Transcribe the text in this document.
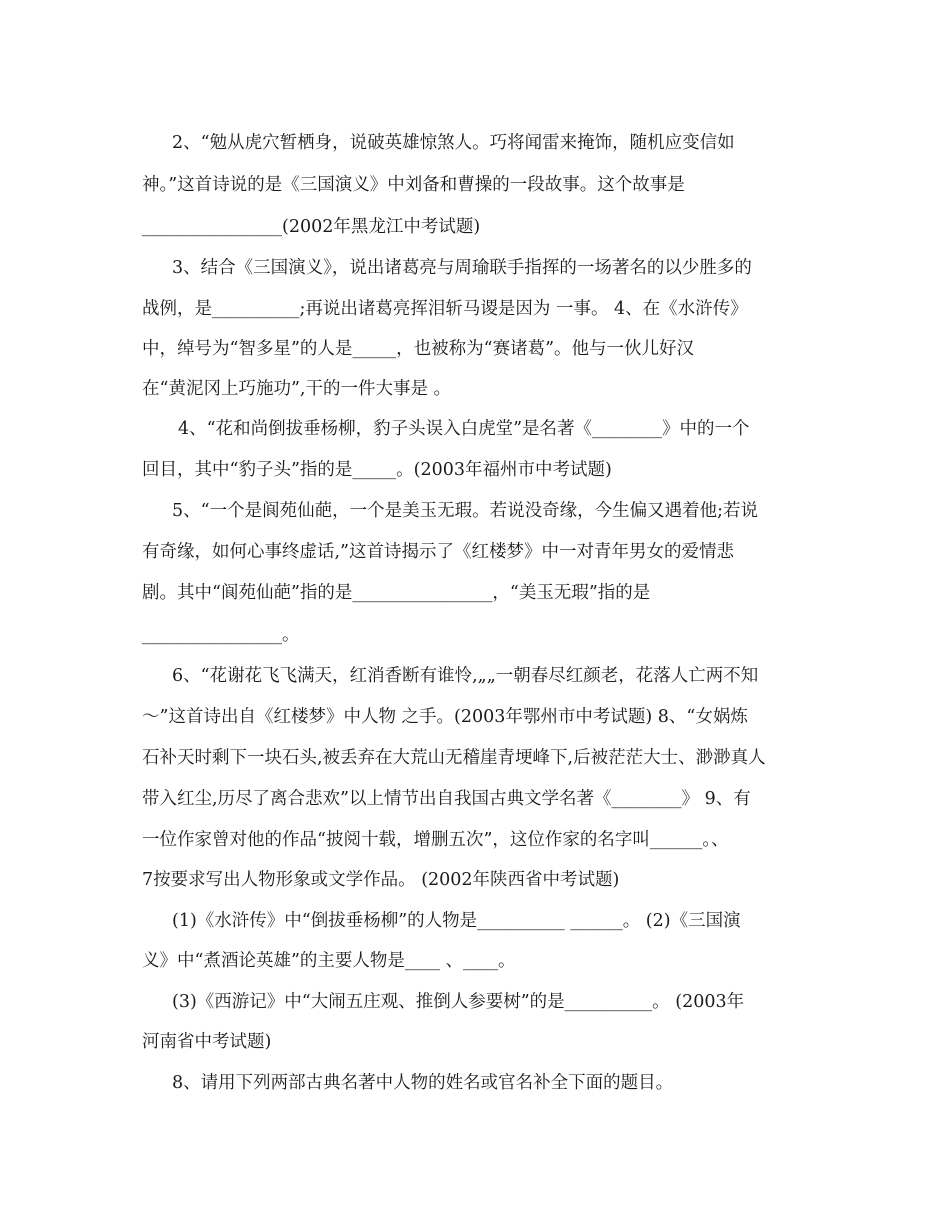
2、“勉从虎穴暂栖身，说破英雄惊煞人。巧将闻雷来掩饰，随机应变信如
神。”这首诗说的是《三国演义》中刘备和曹操的一段故事。这个故事是
________________(2002年黑龙江中考试题)
3、结合《三国演义》，说出诸葛亮与周瑜联手指挥的一场著名的以少胜多的
战例，是__________;再说出诸葛亮挥泪斩马谡是因为 一事。 4、在《水浒传》
中，绰号为“智多星”的人是_____，也被称为“赛诸葛”。他与一伙儿好汉
在“黄泥冈上巧施功”,干的一件大事是 。
4、“花和尚倒拔垂杨柳，豹子头误入白虎堂”是名著《________》中的一个
回目，其中“豹子头”指的是_____。(2003年福州市中考试题)
5、“一个是阆苑仙葩，一个是美玉无瑕。若说没奇缘，今生偏又遇着他;若说
有奇缘，如何心事终虚话,”这首诗揭示了《红楼梦》中一对青年男女的爱情悲
剧。其中“阆苑仙葩”指的是________________，“美玉无瑕”指的是
________________。
6、“花谢花飞飞满天，红消香断有谁怜,„„一朝春尽红颜老，花落人亡两不知
～”这首诗出自《红楼梦》中人物 之手。(2003年鄂州市中考试题) 8、“女娲炼
石补天时剩下一块石头,被丢弃在大荒山无稽崖青埂峰下,后被茫茫大士、渺渺真人
带入红尘,历尽了离合悲欢”以上情节出自我国古典文学名著《________》 9、有
一位作家曾对他的作品“披阅十载，增删五次”，这位作家的名字叫______。、
7按要求写出人物形象或文学作品。 (2002年陕西省中考试题)
(1)《水浒传》中“倒拔垂杨柳”的人物是__________ ______。 (2)《三国演
义》中“煮酒论英雄”的主要人物是____ 、____。
(3)《西游记》中“大闹五庄观、推倒人参要树”的是__________。 (2003年
河南省中考试题)
8、请用下列两部古典名著中人物的姓名或官名补全下面的题目。
